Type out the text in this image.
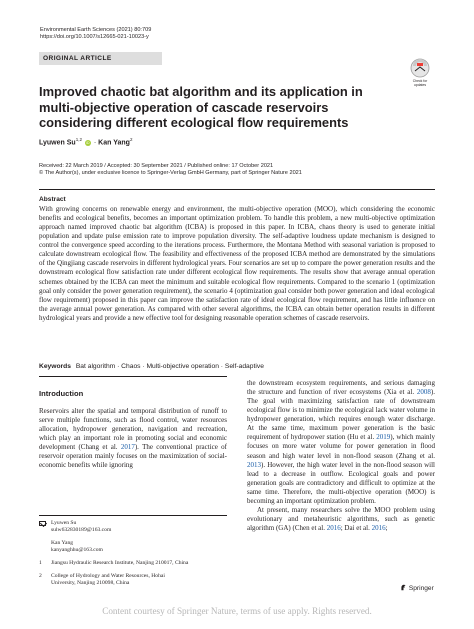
Environmental Earth Sciences (2021) 80:709
https://doi.org/10.1007/s12665-021-10023-y
ORIGINAL ARTICLE
Check for
updates
Improved chaotic bat algorithm and its application in multi-objective operation of cascade reservoirs considering different ecological flow requirements
Lyuwen Su$^{1,2}$ iD · Kan Yang$^2$
Received: 22 March 2019 / Accepted: 30 September 2021 / Published online: 17 October 2021
© The Author(s), under exclusive licence to Springer-Verlag GmbH Germany, part of Springer Nature 2021
Abstract

With growing concerns on renewable energy and environment, the multi-objective operation (MOO), which considering the economic benefits and ecological benefits, becomes an important optimization problem. To handle this problem, a new multi-objective optimization approach named improved chaotic bat algorithm (ICBA) is proposed in this paper. In ICBA, chaos theory is used to generate initial population and update pulse emission rate to improve population diversity. The self-adaptive loudness update mechanism is designed to control the convergence speed according to the iterations process. Furthermore, the Montana Method with seasonal variation is proposed to calculate downstream ecological flow. The feasibility and effectiveness of the proposed ICBA method are demonstrated by the simulations of the Qingjiang cascade reservoirs in different hydrological years. Four scenarios are set up to compare the power generation results and the downstream ecological flow satisfaction rate under different ecological flow requirements. The results show that average annual operation schemes obtained by the ICBA can meet the minimum and suitable ecological flow requirements. Compared to the scenario 1 (optimization goal only consider the power generation requirement), the scenario 4 (optimization goal consider both power generation and ideal ecological flow requirement) proposed in this paper can improve the satisfaction rate of ideal ecological flow requirement, and has little influence on the average annual power generation. As compared with other several algorithms, the ICBA can obtain better operation results in different hydrological years and provide a new effective tool for designing reasonable operation schemes of cascade reservoirs.

Keywords Bat algorithm · Chaos · Multi-objective operation · Self-adaptive
Introduction

Reservoirs alter the spatial and temporal distribution of runoff to serve multiple functions, such as flood control, water resources allocation, hydropower generation, navigation and recreation, which play an important role in promoting social and economic development (Chang et al. 2017). The conventional practice of reservoir operation mainly focuses on the maximization of social-economic benefits while ignoring

the downstream ecosystem requirements, and serious damaging the structure and function of river ecosystems (Xia et al. 2008). The goal with maximizing satisfaction rate of downstream ecological flow is to minimize the ecological lack water volume in hydropower generation, which requires enough water discharge. At the same time, maximum power generation is the basic requirement of hydropower station (Hu et al. 2019), which mainly focuses on more water volume for power generation in flood season and high water level in non-flood season (Zhang et al. 2013). However, the high water level in the non-flood season will lead to a decrease in outflow. Ecological goals and power generation goals are contradictory and difficult to optimize at the same time. Therefore, the multi-objective operation (MOO) is becoming an important optimization problem.

At present, many researchers solve the MOO problem using evolutionary and metaheuristic algorithms, such as genetic algorithm (GA) (Chen et al. 2016; Dai et al. 2016;

Lyuwen Su
sulw632830189@163.com
Kan Yang
kanyanghhu@163.com
1	Jiangsu Hydraulic Research Institute, Nanjing 210017, China
2	College of Hydrology and Water Resources, Hohai
University, Nanjing 210098, China
Springer
Content courtesy of Springer Nature, terms of use apply. Rights reserved.
